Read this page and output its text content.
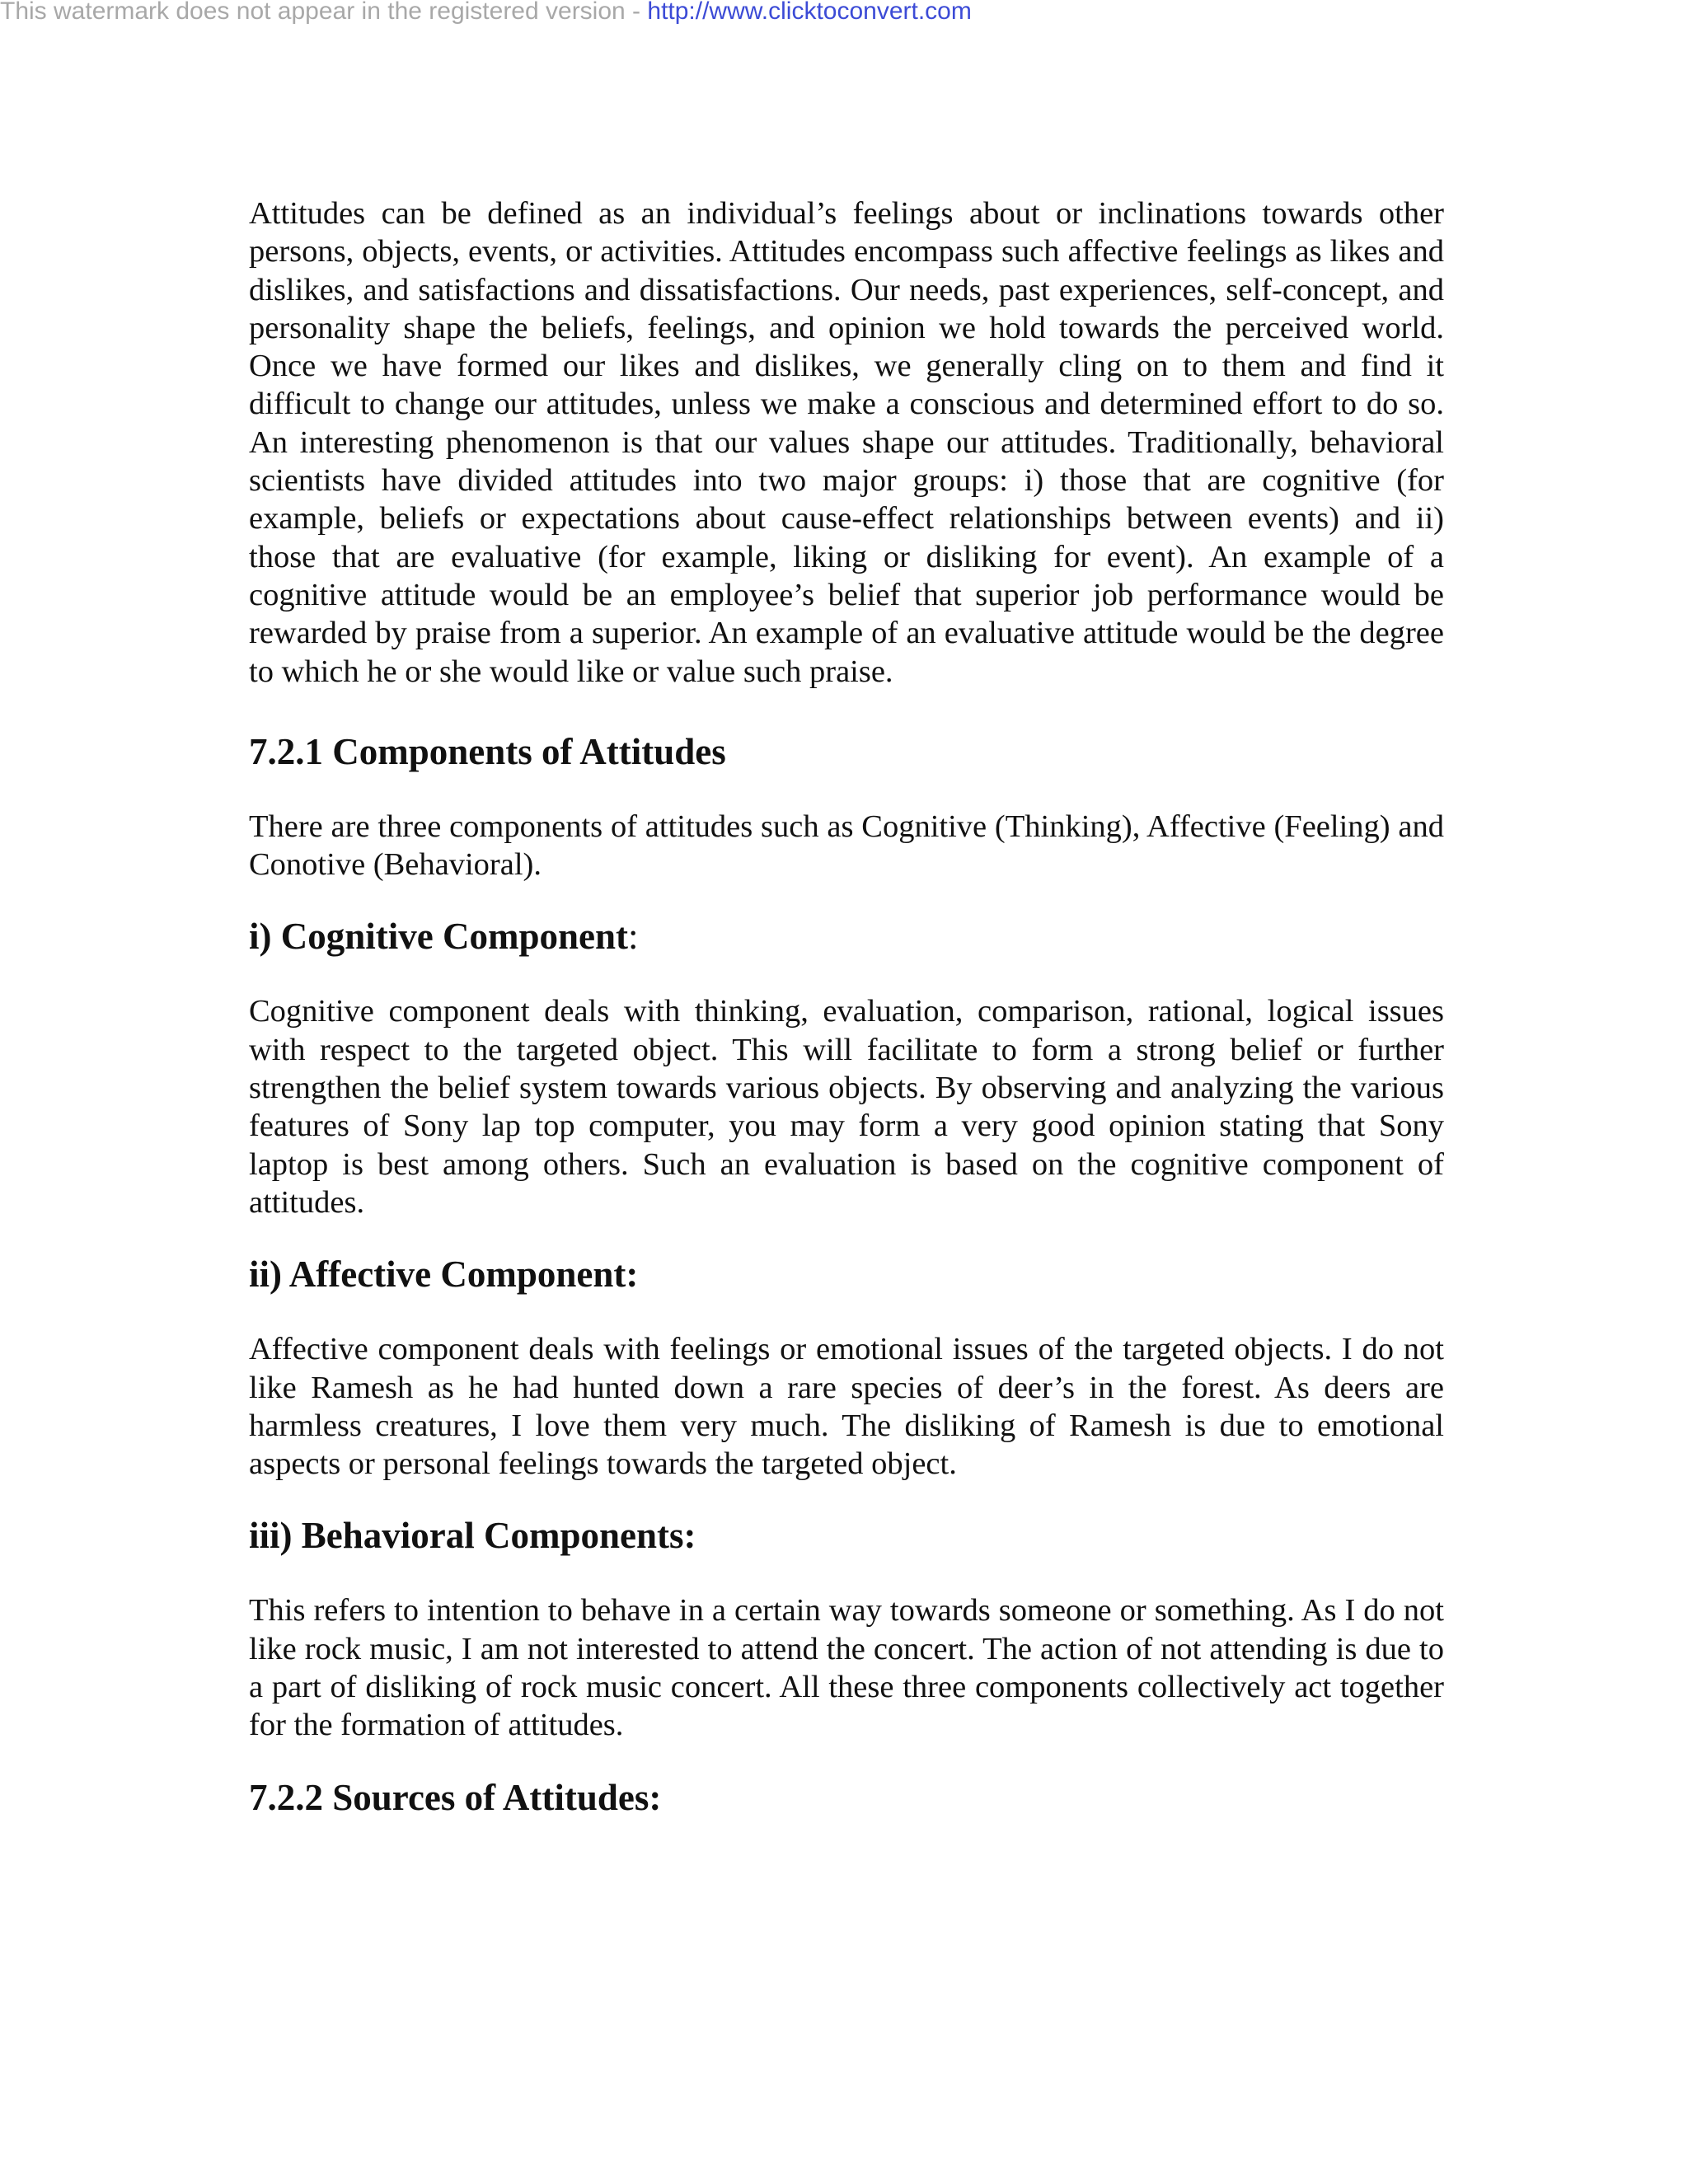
This watermark does not appear in the registered version - http://www.clicktoconvert.com

Attitudes can be defined as an individual’s feelings about or inclinations towards other persons, objects, events, or activities. Attitudes encompass such affective feelings as likes and dislikes, and satisfactions and dissatisfactions. Our needs, past experiences, self-concept, and personality shape the beliefs, feelings, and opinion we hold towards the perceived world. Once we have formed our likes and dislikes, we generally cling on to them and find it difficult to change our attitudes, unless we make a conscious and determined effort to do so. An interesting phenomenon is that our values shape our attitudes. Traditionally, behavioral scientists have divided attitudes into two major groups: i) those that are cognitive (for example, beliefs or expectations about cause-effect relationships between events) and ii) those that are evaluative (for example, liking or disliking for event). An example of a cognitive attitude would be an employee’s belief that superior job performance would be rewarded by praise from a superior. An example of an evaluative attitude would be the degree to which he or she would like or value such praise.

7.2.1 Components of Attitudes

There are three components of attitudes such as Cognitive (Thinking), Affective (Feeling) and Conotive (Behavioral).

i) Cognitive Component:

Cognitive component deals with thinking, evaluation, comparison, rational, logical issues with respect to the targeted object. This will facilitate to form a strong belief or further strengthen the belief system towards various objects. By observing and analyzing the various features of Sony lap top computer, you may form a very good opinion stating that Sony laptop is best among others. Such an evaluation is based on the cognitive component of attitudes.

ii) Affective Component:

Affective component deals with feelings or emotional issues of the targeted objects. I do not like Ramesh as he had hunted down a rare species of deer’s in the forest. As deers are harmless creatures, I love them very much. The disliking of Ramesh is due to emotional aspects or personal feelings towards the targeted object.

iii) Behavioral Components:

This refers to intention to behave in a certain way towards someone or something. As I do not like rock music, I am not interested to attend the concert. The action of not attending is due to a part of disliking of rock music concert. All these three components collectively act together for the formation of attitudes.

7.2.2 Sources of Attitudes:
